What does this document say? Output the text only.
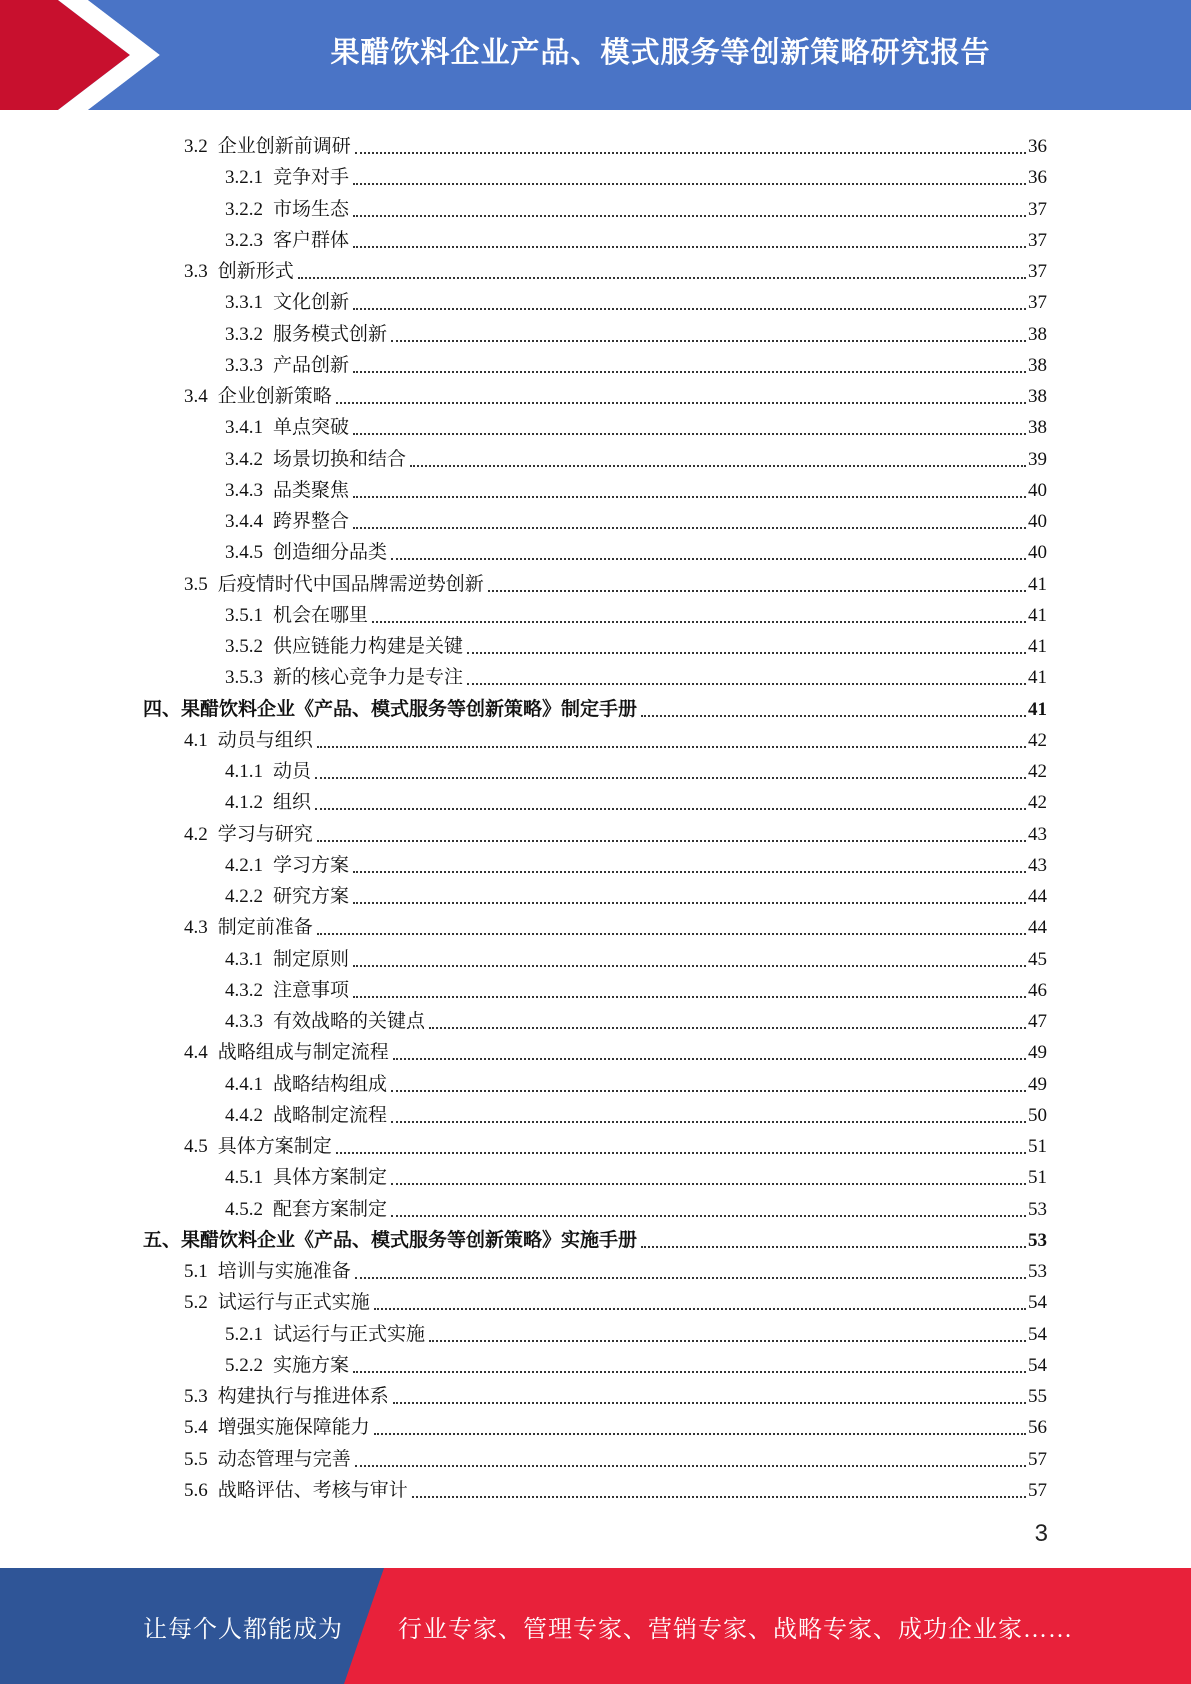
果醋饮料企业产品、模式服务等创新策略研究报告
3.2 企业创新前调研	36
3.2.1 竞争对手	36
3.2.2 市场生态	37
3.2.3 客户群体	37
3.3 创新形式	37
3.3.1 文化创新	37
3.3.2 服务模式创新	38
3.3.3 产品创新	38
3.4 企业创新策略	38
3.4.1 单点突破	38
3.4.2 场景切换和结合	39
3.4.3 品类聚焦	40
3.4.4 跨界整合	40
3.4.5 创造细分品类	40
3.5 后疫情时代中国品牌需逆势创新	41
3.5.1 机会在哪里	41
3.5.2 供应链能力构建是关键	41
3.5.3 新的核心竞争力是专注	41
四、 果醋饮料企业《产品、模式服务等创新策略》制定手册	41
4.1 动员与组织	42
4.1.1 动员	42
4.1.2 组织	42
4.2 学习与研究	43
4.2.1 学习方案	43
4.2.2 研究方案	44
4.3 制定前准备	44
4.3.1 制定原则	45
4.3.2 注意事项	46
4.3.3 有效战略的关键点	47
4.4 战略组成与制定流程	49
4.4.1 战略结构组成	49
4.4.2 战略制定流程	50
4.5 具体方案制定	51
4.5.1 具体方案制定	51
4.5.2 配套方案制定	53
五、 果醋饮料企业《产品、模式服务等创新策略》实施手册	53
5.1 培训与实施准备	53
5.2 试运行与正式实施	54
5.2.1 试运行与正式实施	54
5.2.2 实施方案	54
5.3 构建执行与推进体系	55
5.4 增强实施保障能力	56
5.5 动态管理与完善	57
5.6 战略评估、考核与审计	57
3
让每个人都能成为 行业专家、管理专家、营销专家、战略专家、成功企业家……
